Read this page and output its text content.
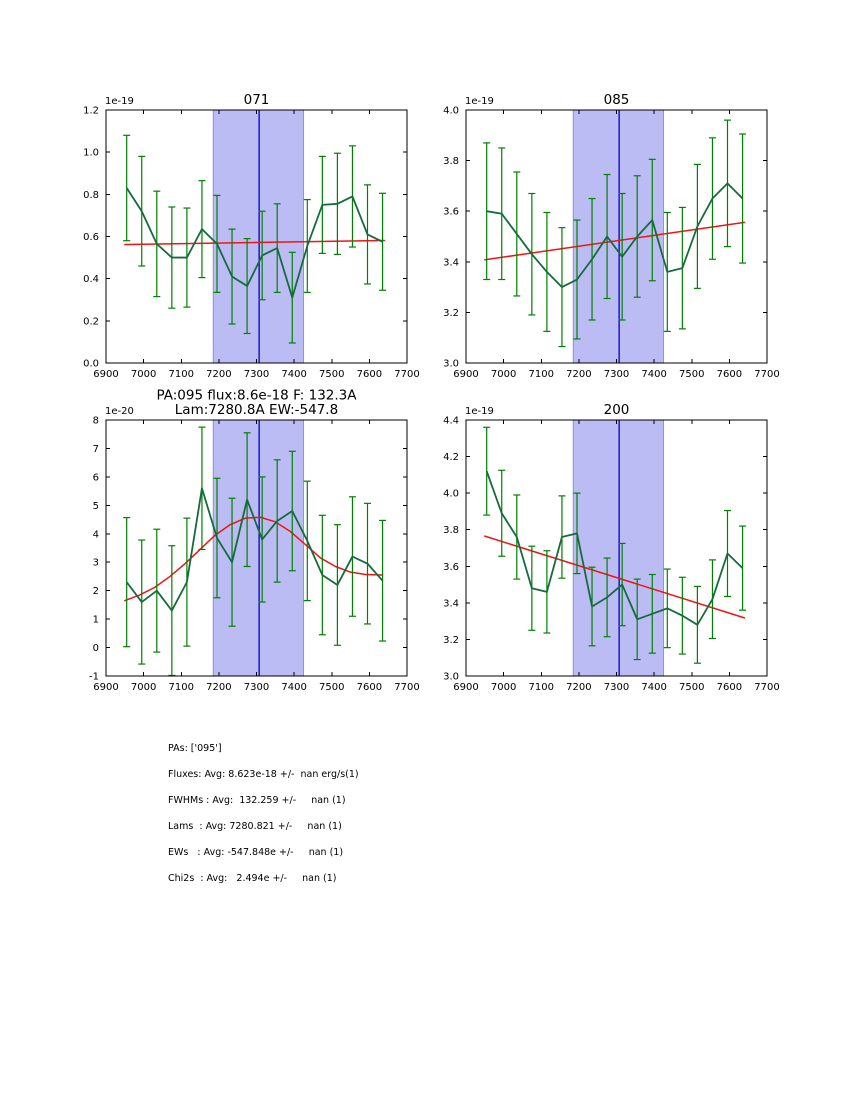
6900 7000 7100 7200 7300 7400 7500 7600 7700
0.0
0.2
0.4
0.6
0.8
1.0
1.2
071
1e-19
6900 7000 7100 7200 7300 7400 7500 7600 7700
3.0
3.2
3.4
3.6
3.8
4.0
085
1e-19
6900 7000 7100 7200 7300 7400 7500 7600 7700
-1
0
1
2
3
4
5
6
7
8
PA:095 flux:8.6e-18 F: 132.3A
Lam:7280.8A EW:-547.8
1e-20
6900 7000 7100 7200 7300 7400 7500 7600 7700
3.0
3.2
3.4
3.6
3.8
4.0
4.2
4.4
200
1e-19
PAs: ['095']
Fluxes: Avg: 8.623e-18 +/-  nan erg/s(1)
FWHMs : Avg:  132.259 +/-     nan (1)
Lams  : Avg: 7280.821 +/-     nan (1)
EWs   : Avg: -547.848e +/-     nan (1)
Chi2s  : Avg:   2.494e +/-     nan (1)
